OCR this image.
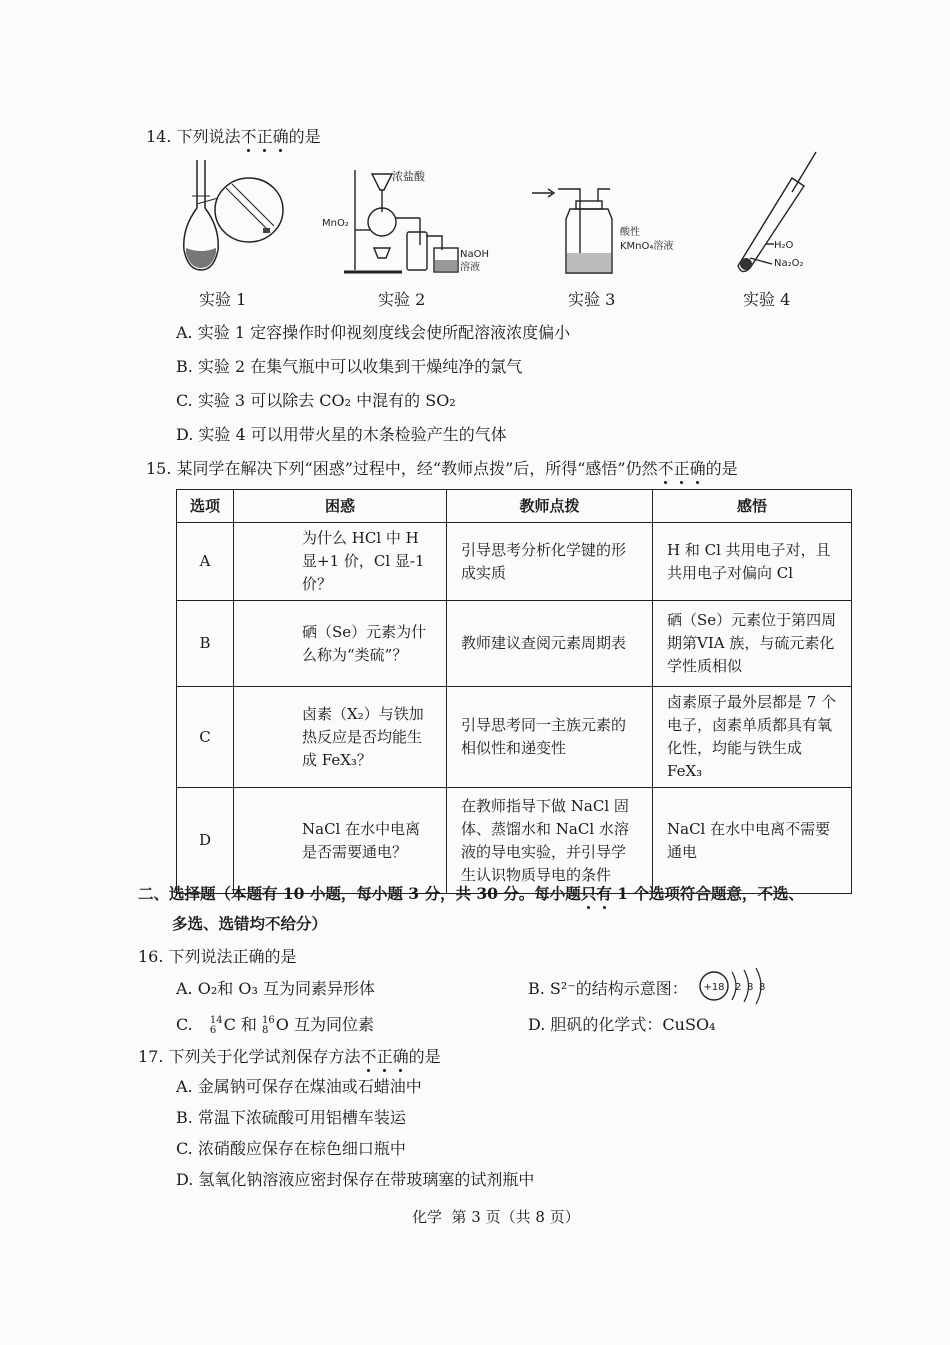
14. 下列说法不正确的是
浓盐酸
MnO₂
NaOH
溶液
酸性
KMnO₄溶液	H₂O
Na₂O₂
实验 1	实验 2	实验 3	实验 4
A. 实验 1 定容操作时仰视刻度线会使所配溶液浓度偏小
B. 实验 2 在集气瓶中可以收集到干燥纯净的氯气
C. 实验 3 可以除去 CO₂ 中混有的 SO₂
D. 实验 4 可以用带火星的木条检验产生的气体
15. 某同学在解决下列“困惑”过程中，经“教师点拨”后，所得“感悟”仍然不正确的是
选项	困惑	教师点拨	感悟
A	为什么 HCl 中 H 显+1 价，Cl 显-1 价？	引导思考分析化学键的形成实质	H 和 Cl 共用电子对，且共用电子对偏向 Cl
B	硒（Se）元素为什么称为“类硫”？	教师建议查阅元素周期表	硒（Se）元素位于第四周期第VIA 族，与硫元素化学性质相似
C	卤素（X₂）与铁加热反应是否均能生成 FeX₃？	引导思考同一主族元素的相似性和递变性	卤素原子最外层都是 7 个电子，卤素单质都具有氧化性，均能与铁生成 FeX₃
D	NaCl 在水中电离是否需要通电？	在教师指导下做 NaCl 固体、蒸馏水和 NaCl 水溶液的导电实验，并引导学生认识物质导电的条件	NaCl 在水中电离不需要通电
二、选择题（本题有 10 小题，每小题 3 分，共 30 分。每小题只有 1 个选项符合题意，不选、
多选、选错均不给分）
16. 下列说法正确的是
A. O₂和 O₃ 互为同素异形体	B. S²⁻的结构示意图： +18 2 8 8
C. 14
6 C 和 16
8 O 互为同位素	D. 胆矾的化学式：CuSO₄
17. 下列关于化学试剂保存方法不正确的是
A. 金属钠可保存在煤油或石蜡油中
B. 常温下浓硫酸可用铝槽车装运
C. 浓硝酸应保存在棕色细口瓶中
D. 氢氧化钠溶液应密封保存在带玻璃塞的试剂瓶中
化学  第 3 页（共 8 页）
